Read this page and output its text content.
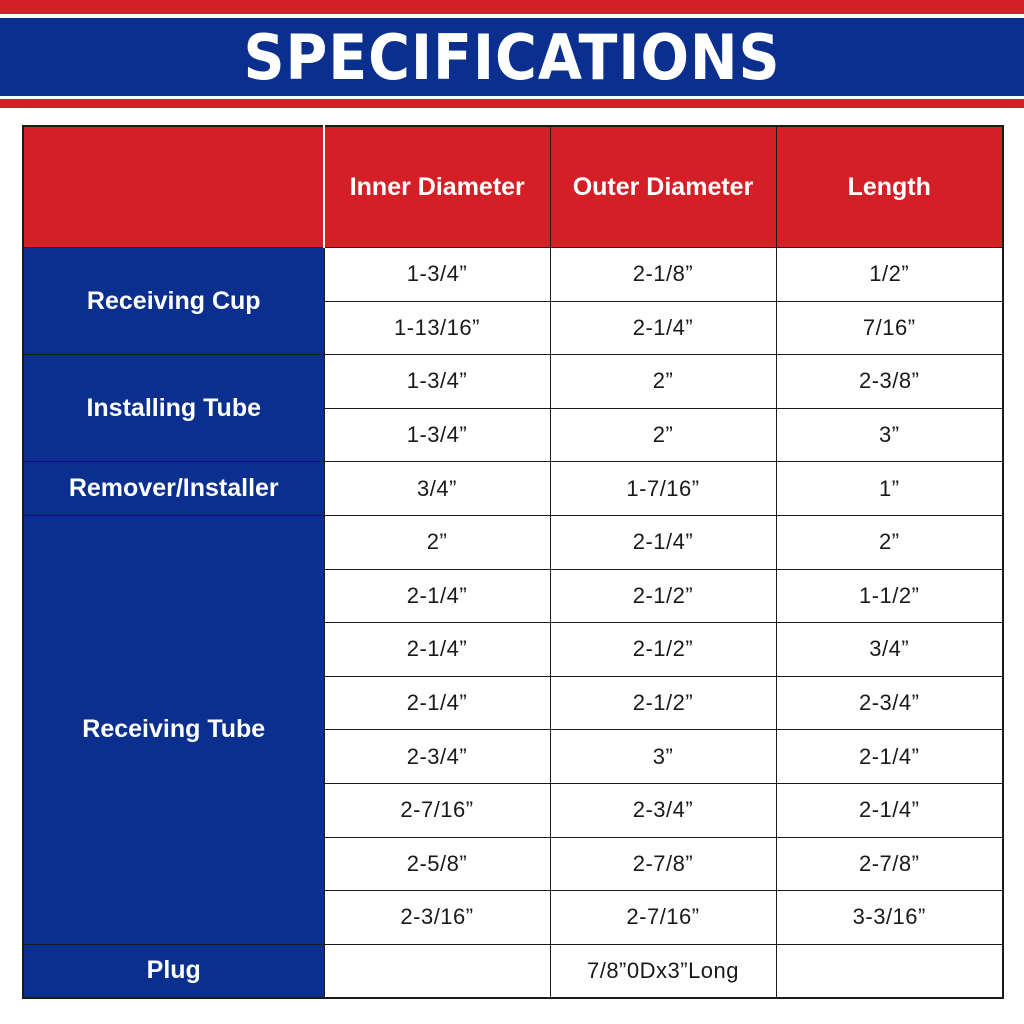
SPECIFICATIONS
	Inner Diameter	Outer Diameter	Length
Receiving Cup	1-3/4”	2-1/8”	1/2”
	1-13/16”	2-1/4”	7/16”
Installing Tube	1-3/4”	2”	2-3/8”
	1-3/4”	2”	3”
Remover/Installer	3/4”	1-7/16”	1”
Receiving Tube	2”	2-1/4”	2”
	2-1/4”	2-1/2”	1-1/2”
	2-1/4”	2-1/2”	3/4”
	2-1/4”	2-1/2”	2-3/4”
	2-3/4”	3”	2-1/4”
	2-7/16”	2-3/4”	2-1/4”
	2-5/8”	2-7/8”	2-7/8”
	2-3/16”	2-7/16”	3-3/16”
Plug		7/8”0Dx3”Long	
